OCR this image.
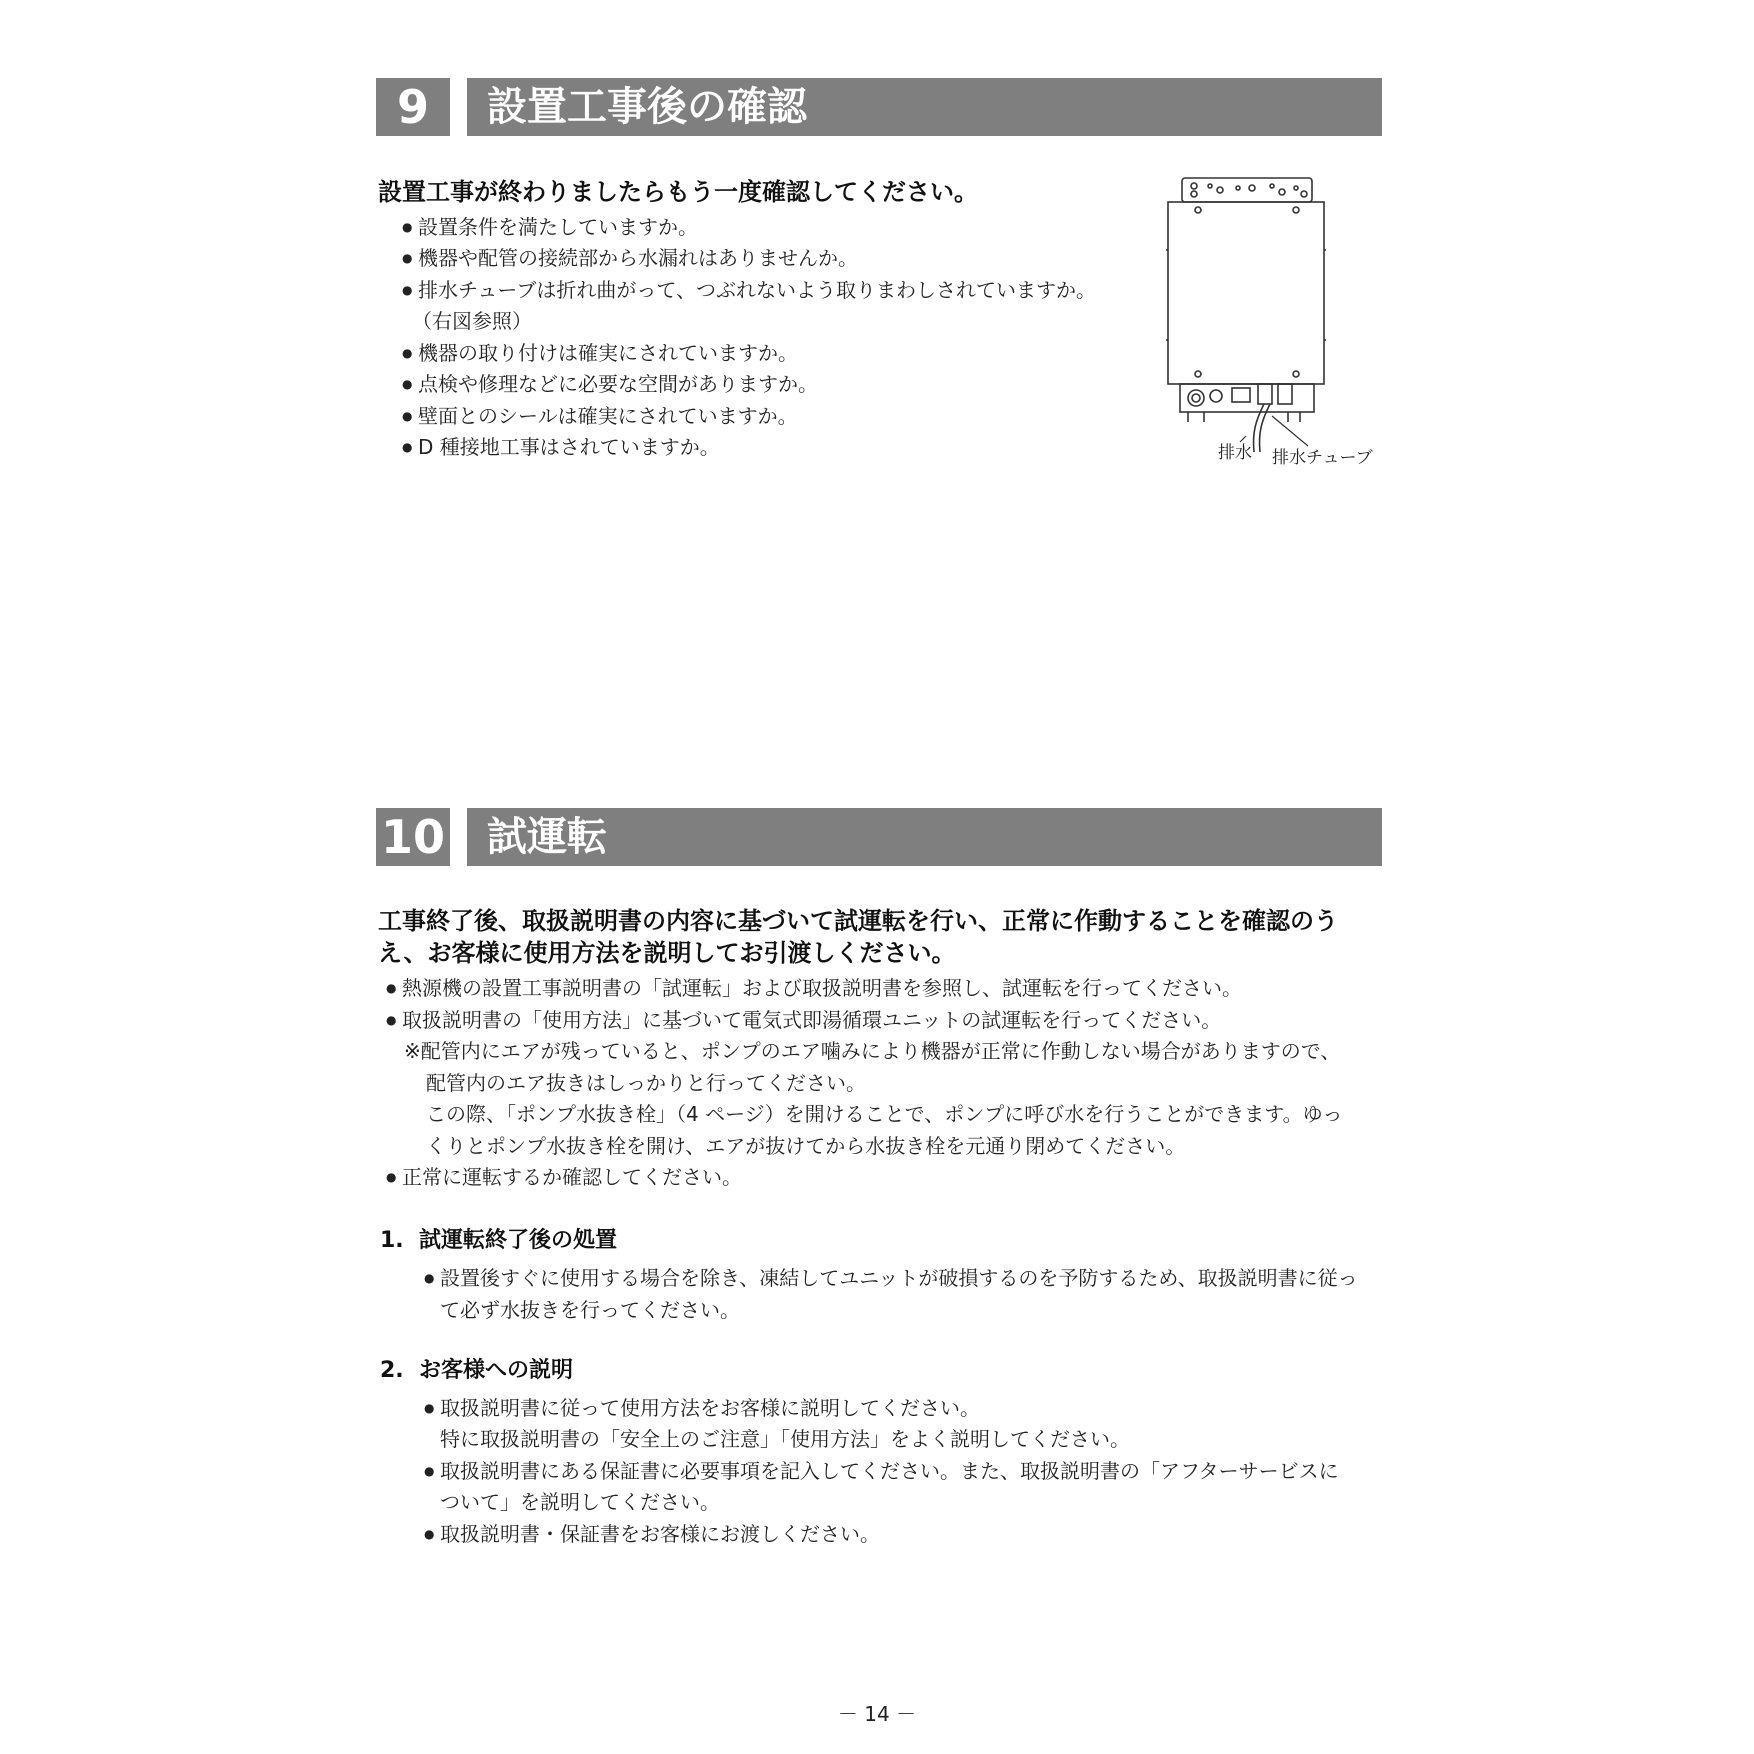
9	設置工事後の確認
設置工事が終わりましたらもう一度確認してください。
● 設置条件を満たしていますか。
● 機器や配管の接続部から水漏れはありませんか。
● 排水チューブは折れ曲がって、つぶれないよう取りまわしされていますか。
（右図参照）
● 機器の取り付けは確実にされていますか。
● 点検や修理などに必要な空間がありますか。
● 壁面とのシールは確実にされていますか。
● D 種接地工事はされていますか。	排水 排水チューブ
10	試運転
工事終了後、取扱説明書の内容に基づいて試運転を行い、正常に作動することを確認のう
え、お客様に使用方法を説明してお引渡しください。
● 熱源機の設置工事説明書の「試運転」および取扱説明書を参照し、試運転を行ってください。
● 取扱説明書の「使用方法」に基づいて電気式即湯循環ユニットの試運転を行ってください。
※配管内にエアが残っていると、ポンプのエア噛みにより機器が正常に作動しない場合がありますので、
配管内のエア抜きはしっかりと行ってください。
この際、「ポンプ水抜き栓」（4 ページ）を開けることで、ポンプに呼び水を行うことができます。ゆっ
くりとポンプ水抜き栓を開け、エアが抜けてから水抜き栓を元通り閉めてください。
● 正常に運転するか確認してください。
1.  試運転終了後の処置
● 設置後すぐに使用する場合を除き、凍結してユニットが破損するのを予防するため、取扱説明書に従っ
て必ず水抜きを行ってください。
2.  お客様への説明
● 取扱説明書に従って使用方法をお客様に説明してください。
特に取扱説明書の「安全上のご注意」「使用方法」をよく説明してください。
● 取扱説明書にある保証書に必要事項を記入してください。また、取扱説明書の「アフターサービスに
ついて」を説明してください。
● 取扱説明書・保証書をお客様にお渡しください。
－ 14 －
